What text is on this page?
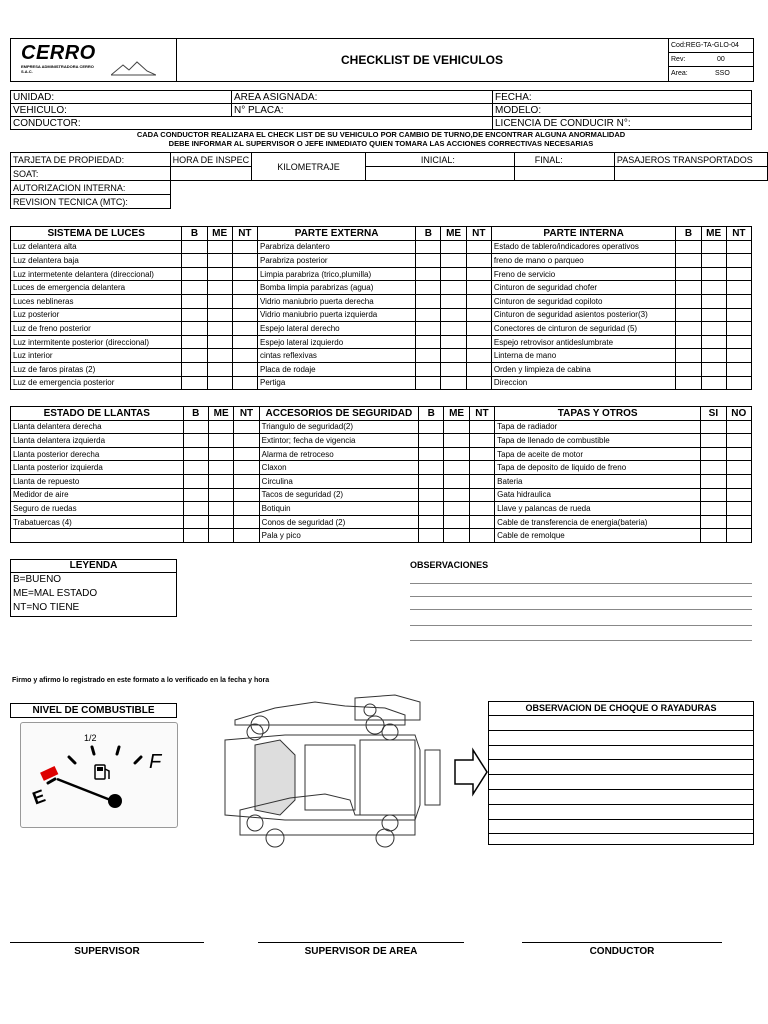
CERRO
EMPRESA ADMINISTRADORA CERRO S.A.C.
CHECKLIST DE VEHICULOS
Cod:REG-TA-GLO-04
Rev:	00
Area:	SSO
UNIDAD:	AREA ASIGNADA:	FECHA:
VEHICULO:	N° PLACA:	MODELO:
CONDUCTOR:		LICENCIA DE CONDUCIR N°:
CADA CONDUCTOR REALIZARA EL CHECK LIST DE SU VEHICULO POR CAMBIO DE TURNO,DE ENCONTRAR ALGUNA ANORMALIDAD
DEBE INFORMAR AL SUPERVISOR O JEFE INMEDIATO QUIEN TOMARA LAS ACCIONES CORRECTIVAS NECESARIAS
TARJETA DE PROPIEDAD:	HORA DE INSPEC	KILOMETRAJE	INICIAL:	FINAL:	PASAJEROS TRANSPORTADOS
SOAT:					
AUTORIZACION INTERNA:					
REVISION TECNICA (MTC):					
SISTEMA DE LUCES	B	ME	NT	PARTE EXTERNA	B	ME	NT	PARTE INTERNA	B	ME	NT
Luz delantera alta				Parabriza delantero				Estado de tablero/indicadores operativos			
Luz delantera baja				Parabriza posterior				freno de mano o parqueo			
Luz intermetente delantera (direccional)				Limpia parabriza (trico,plumilla)				Freno de servicio			
Luces de emergencia delantera				Bomba limpia parabrizas (agua)				Cinturon de seguridad chofer			
Luces neblineras				Vidrio maniubrio puerta derecha				Cinturon de seguridad copiloto			
Luz posterior				Vidrio maniubrio puerta izquierda				Cinturon de seguridad asientos posterior(3)			
Luz de freno posterior				Espejo lateral derecho				Conectores de cinturon de seguridad (5)			
Luz intermitente posterior (direccional)				Espejo lateral izquierdo				Espejo retrovisor antideslumbrate			
Luz interior				cintas reflexivas				Linterna de mano			
Luz de faros piratas (2)				Placa de rodaje				Orden y limpieza de cabina			
Luz de emergencia posterior				Pertiga				Direccion			
ESTADO DE LLANTAS	B	ME	NT	ACCESORIOS DE SEGURIDAD	B	ME	NT	TAPAS Y OTROS	SI	NO
Llanta delantera derecha				Triangulo de seguridad(2)				Tapa de radiador		
Llanta delantera izquierda				Extintor; fecha de vigencia				Tapa de llenado de combustible		
Llanta posterior derecha				Alarma de retroceso				Tapa de aceite de motor		
Llanta posterior izquierda				Claxon				Tapa de deposito de liquido de freno		
Llanta de repuesto				Circulina				Bateria		
Medidor de aire				Tacos de seguridad (2)				Gata hidraulica		
Seguro de ruedas				Botiquin				Llave y palancas de rueda		
Trabatuercas (4)				Conos de seguridad (2)				Cable de transferencia de energia(bateria)		
				Pala y pico				Cable de remolque		
LEYENDA
B=BUENO
ME=MAL ESTADO
NT=NO TIENE
OBSERVACIONES
Firmo y afirmo lo registrado en este formato a lo verificado en la fecha y hora
NIVEL DE COMBUSTIBLE
E
1/2
F
OBSERVACION DE CHOQUE O RAYADURAS
SUPERVISOR	SUPERVISOR DE AREA	CONDUCTOR
